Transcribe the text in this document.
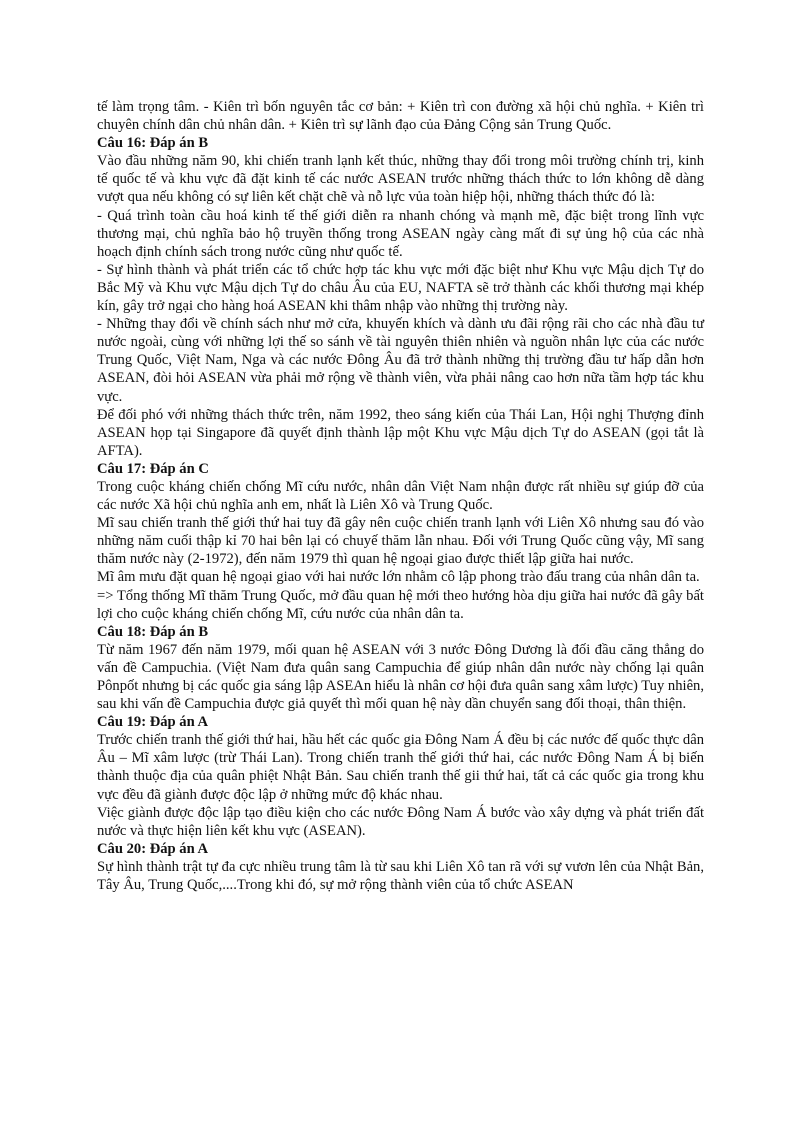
tế làm trọng tâm. - Kiên trì bốn nguyên tắc cơ bản: + Kiên trì con đường xã hội chủ nghĩa. + Kiên trì chuyên chính dân chủ nhân dân. + Kiên trì sự lãnh đạo của Đảng Cộng sản Trung Quốc.

Câu 16: Đáp án B

Vào đầu những năm 90, khi chiến tranh lạnh kết thúc, những thay đổi trong môi trường chính trị, kinh tế quốc tế và khu vực đã đặt kinh tế các nước ASEAN trước những thách thức to lớn không dễ dàng vượt qua nếu không có sự liên kết chặt chẽ và nỗ lực vủa toàn hiệp hội, những thách thức đó là:

- Quá trình toàn cầu hoá kinh tế thế giới diễn ra nhanh chóng và mạnh mẽ, đặc biệt trong lĩnh vực thương mại, chủ nghĩa bảo hộ truyền thống trong ASEAN ngày càng mất đi sự ủng hộ của các nhà hoạch định chính sách trong nước cũng như quốc tế.

- Sự hình thành và phát triển các tổ chức hợp tác khu vực mới đặc biệt như Khu vực Mậu dịch Tự do Bắc Mỹ và Khu vực Mậu dịch Tự do châu Âu của EU, NAFTA sẽ trở thành các khối thương mại khép kín, gây trở ngại cho hàng hoá ASEAN khi thâm nhập vào những thị trường này.

- Những thay đổi về chính sách như mở cửa, khuyến khích và dành ưu đãi rộng rãi cho các nhà đầu tư nước ngoài, cùng với những lợi thế so sánh về tài nguyên thiên nhiên và nguồn nhân lực của các nước Trung Quốc, Việt Nam, Nga và các nước Đông Âu đã trở thành những thị trường đầu tư hấp dẫn hơn ASEAN, đòi hỏi ASEAN vừa phải mở rộng về thành viên, vừa phải nâng cao hơn nữa tầm hợp tác khu vực.

Để đối phó với những thách thức trên, năm 1992, theo sáng kiến của Thái Lan, Hội nghị Thượng đỉnh ASEAN họp tại Singapore đã quyết định thành lập một Khu vực Mậu dịch Tự do ASEAN (gọi tắt là AFTA).

Câu 17: Đáp án C

Trong cuộc kháng chiến chống Mĩ cứu nước, nhân dân Việt Nam nhận được rất nhiều sự giúp đỡ của các nước Xã hội chủ nghĩa anh em, nhất là Liên Xô và Trung Quốc.

Mĩ sau chiến tranh thế giới thứ hai tuy đã gây nên cuộc chiến tranh lạnh với Liên Xô nhưng sau đó vào những năm cuối thập kỉ 70 hai bên lại có chuyế thăm lẫn nhau. Đối với Trung Quốc cũng vậy, Mĩ sang thăm nước này (2-1972), đến năm 1979 thì quan hệ ngoại giao được thiết lập giữa hai nước.

Mĩ âm mưu đặt quan hệ ngoại giao với hai nước lớn nhằm cô lập phong trào đấu trang của nhân dân ta.

=> Tổng thống Mĩ thăm Trung Quốc, mở đầu quan hệ mới theo hướng hòa dịu giữa hai nước đã gây bất lợi cho cuộc kháng chiến chống Mĩ, cứu nước của nhân dân ta.

Câu 18: Đáp án B

Từ năm 1967 đến năm 1979, mối quan hệ ASEAN với 3 nước Đông Dương là đối đầu căng thẳng do vấn đề Campuchia. (Việt Nam đưa quân sang Campuchia để giúp nhân dân nước này chống lại quân Pônpốt nhưng bị các quốc gia sáng lập ASEAn hiểu là nhân cơ hội đưa quân sang xâm lược) Tuy nhiên, sau khi vấn đề Campuchia được giả quyết thì mối quan hệ này dần chuyển sang đối thoại, thân thiện.

Câu 19: Đáp án A

Trước chiến tranh thế giới thứ hai, hầu hết các quốc gia Đông Nam Á đều bị các nước đế quốc thực dân Âu – Mĩ xâm lược (trừ Thái Lan). Trong chiến tranh thế giới thứ hai, các nước Đông Nam Á bị biến thành thuộc địa của quân phiệt Nhật Bản. Sau chiến tranh thế gii thứ hai, tất cả các quốc gia trong khu vực đều đã giành được độc lập ở những mức độ khác nhau.

Việc giành được độc lập tạo điều kiện cho các nước Đông Nam Á bước vào xây dựng và phát triển đất nước và thực hiện liên kết khu vực (ASEAN).

Câu 20: Đáp án A

Sự hình thành trật tự đa cực nhiều trung tâm là từ sau khi Liên Xô tan rã với sự vươn lên của Nhật Bản, Tây Âu, Trung Quốc,....Trong khi đó, sự mở rộng thành viên của tổ chức ASEAN
